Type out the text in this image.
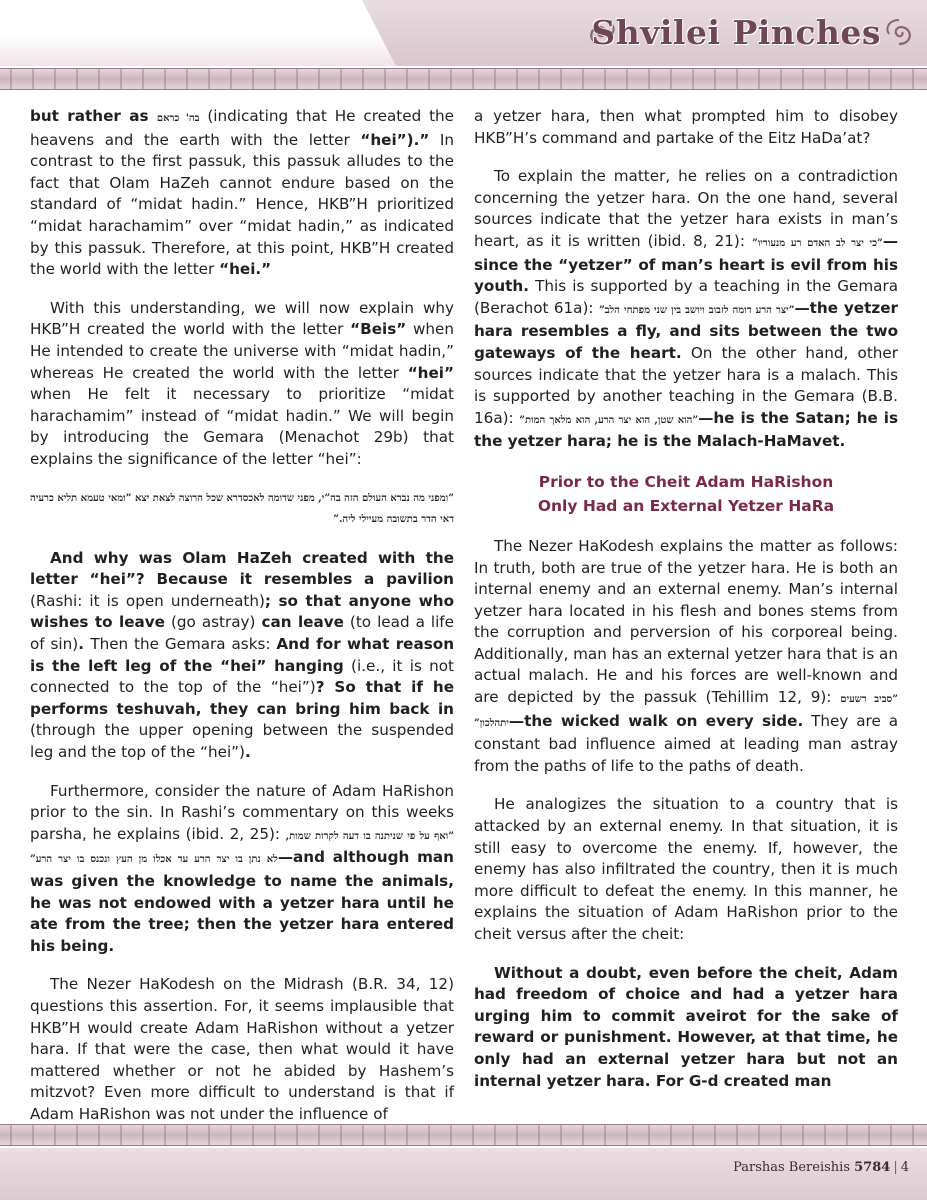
Shvilei Pinches

but rather as בה' כראם (indicating that He created the heavens and the earth with the letter “hei”).” In contrast to the first passuk, this passuk alludes to the fact that Olam HaZeh cannot endure based on the standard of “midat hadin.” Hence, HKB”H prioritized “midat harachamim” over “midat hadin,” as indicated by this passuk. Therefore, at this point, HKB”H created the world with the letter “hei.”

With this understanding, we will now explain why HKB”H created the world with the letter “Beis” when He intended to create the universe with “midat hadin,” whereas He created the world with the letter “hei” when He felt it necessary to prioritize “midat harachamim” instead of “midat hadin.” We will begin by introducing the Gemara (Menachot 29b) that explains the significance of the letter “hei”:

”ומפני מה נברא העולם הזה בה”י, מפני שדומה לאכסדרא שכל הרוצה לצאת יצא ”ומאי טעמא תליא כרעיה דאי הדר בתשובה מעיילי ליה.”

And why was Olam HaZeh created with the letter “hei”? Because it resembles a pavilion (Rashi: it is open underneath); so that anyone who wishes to leave (go astray) can leave (to lead a life of sin). Then the Gemara asks: And for what reason is the left leg of the “hei” hanging (i.e., it is not connected to the top of the “hei”)? So that if he performs teshuvah, they can bring him back in (through the upper opening between the suspended leg and the top of the “hei”).

Furthermore, consider the nature of Adam HaRishon prior to the sin. In Rashi’s commentary on this weeks parsha, he explains (ibid. 2, 25): ”ואף על פי שניתנה בו דעה לקרות שמות, לא נתן בו יצר הרע עד אכלו מן העץ ונכנס בו יצר הרע”—and although man was given the knowledge to name the animals, he was not endowed with a yetzer hara until he ate from the tree; then the yetzer hara entered his being.

The Nezer HaKodesh on the Midrash (B.R. 34, 12) questions this assertion. For, it seems implausible that HKB”H would create Adam HaRishon without a yetzer hara. If that were the case, then what would it have mattered whether or not he abided by Hashem’s mitzvot? Even more difficult to understand is that if Adam HaRishon was not under the influence of

a yetzer hara, then what prompted him to disobey HKB”H’s command and partake of the Eitz HaDa’at?

To explain the matter, he relies on a contradiction concerning the yetzer hara. On the one hand, several sources indicate that the yetzer hara exists in man’s heart, as it is written (ibid. 8, 21): ”כי יצר לב האדם רע מנעוריו”—since the “yetzer” of man’s heart is evil from his youth. This is supported by a teaching in the Gemara (Berachot 61a): ”יצר הרע דומה לזבוב ויושב בין שני מפתחי הלב”—the yetzer hara resembles a fly, and sits between the two gateways of the heart. On the other hand, other sources indicate that the yetzer hara is a malach. This is supported by another teaching in the Gemara (B.B. 16a): ”הוא שטן, הוא יצר הרע, הוא מלאך המות”—he is the Satan; he is the yetzer hara; he is the Malach-HaMavet.

Prior to the Cheit Adam HaRishon
Only Had an External Yetzer HaRa

The Nezer HaKodesh explains the matter as follows: In truth, both are true of the yetzer hara. He is both an internal enemy and an external enemy. Man’s internal yetzer hara located in his flesh and bones stems from the corruption and perversion of his corporeal being. Additionally, man has an external yetzer hara that is an actual malach. He and his forces are well-known and are depicted by the passuk (Tehillim 12, 9): ”סביב רשעים יתהלכון”—the wicked walk on every side. They are a constant bad influence aimed at leading man astray from the paths of life to the paths of death.

He analogizes the situation to a country that is attacked by an external enemy. In that situation, it is still easy to overcome the enemy. If, however, the enemy has also infiltrated the country, then it is much more difficult to defeat the enemy. In this manner, he explains the situation of Adam HaRishon prior to the cheit versus after the cheit:

Without a doubt, even before the cheit, Adam had freedom of choice and had a yetzer hara urging him to commit aveirot for the sake of reward or punishment. However, at that time, he only had an external yetzer hara but not an internal yetzer hara. For G-d created man

Parshas Bereishis 5784 | 4
